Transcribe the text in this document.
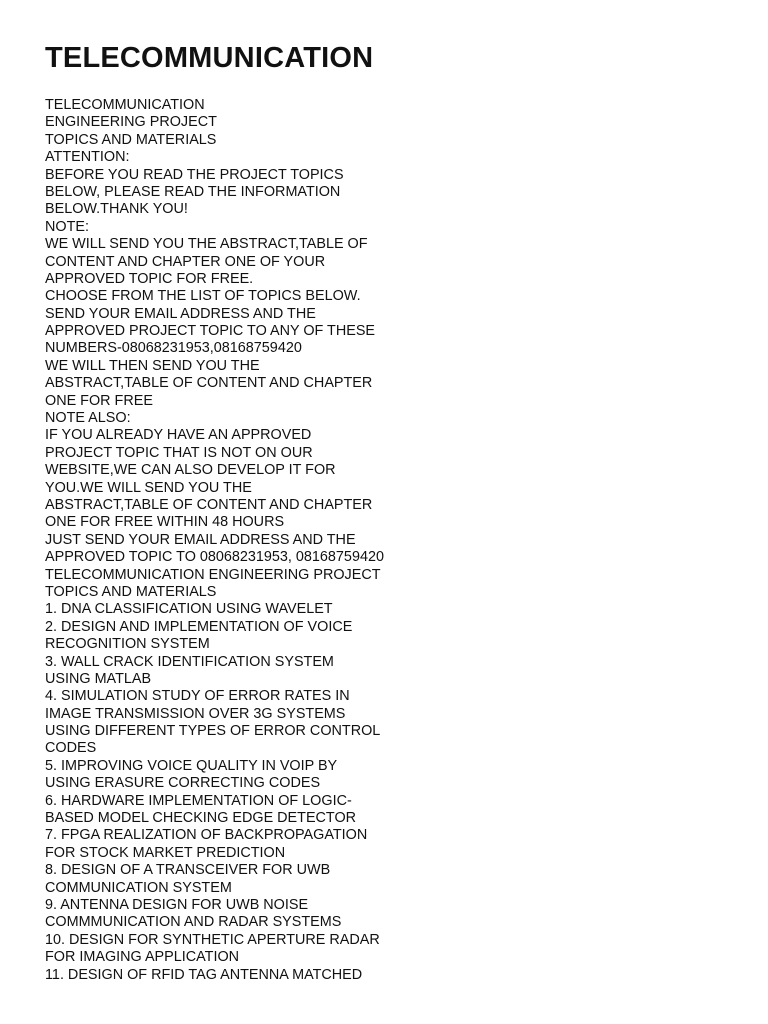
TELECOMMUNICATION
TELECOMMUNICATION
ENGINEERING PROJECT
TOPICS AND MATERIALS
ATTENTION:
BEFORE YOU READ THE PROJECT TOPICS
BELOW, PLEASE READ THE INFORMATION
BELOW.THANK YOU!
NOTE:
WE WILL SEND YOU THE ABSTRACT,TABLE OF
CONTENT AND CHAPTER ONE OF YOUR
APPROVED TOPIC FOR FREE.
CHOOSE FROM THE LIST OF TOPICS BELOW.
SEND YOUR EMAIL ADDRESS AND THE
APPROVED PROJECT TOPIC TO ANY OF THESE
NUMBERS-08068231953,08168759420
WE WILL THEN SEND YOU THE
ABSTRACT,TABLE OF CONTENT AND CHAPTER
ONE FOR FREE
NOTE ALSO:
IF YOU ALREADY HAVE AN APPROVED
PROJECT TOPIC THAT IS NOT ON OUR
WEBSITE,WE CAN ALSO DEVELOP IT FOR
YOU.WE WILL SEND YOU THE
ABSTRACT,TABLE OF CONTENT AND CHAPTER
ONE FOR FREE WITHIN 48 HOURS
JUST SEND YOUR EMAIL ADDRESS AND THE
APPROVED TOPIC TO 08068231953, 08168759420
TELECOMMUNICATION ENGINEERING PROJECT
TOPICS AND MATERIALS
1. DNA CLASSIFICATION USING WAVELET
2. DESIGN AND IMPLEMENTATION OF VOICE
RECOGNITION SYSTEM
3. WALL CRACK IDENTIFICATION SYSTEM
USING MATLAB
4. SIMULATION STUDY OF ERROR RATES IN
IMAGE TRANSMISSION OVER 3G SYSTEMS
USING DIFFERENT TYPES OF ERROR CONTROL
CODES
5. IMPROVING VOICE QUALITY IN VOIP BY
USING ERASURE CORRECTING CODES
6. HARDWARE IMPLEMENTATION OF LOGIC-
BASED MODEL CHECKING EDGE DETECTOR
7. FPGA REALIZATION OF BACKPROPAGATION
FOR STOCK MARKET PREDICTION
8. DESIGN OF A TRANSCEIVER FOR UWB
COMMUNICATION SYSTEM
9. ANTENNA DESIGN FOR UWB NOISE
COMMMUNICATION AND RADAR SYSTEMS
10. DESIGN FOR SYNTHETIC APERTURE RADAR
FOR IMAGING APPLICATION
11. DESIGN OF RFID TAG ANTENNA MATCHED
